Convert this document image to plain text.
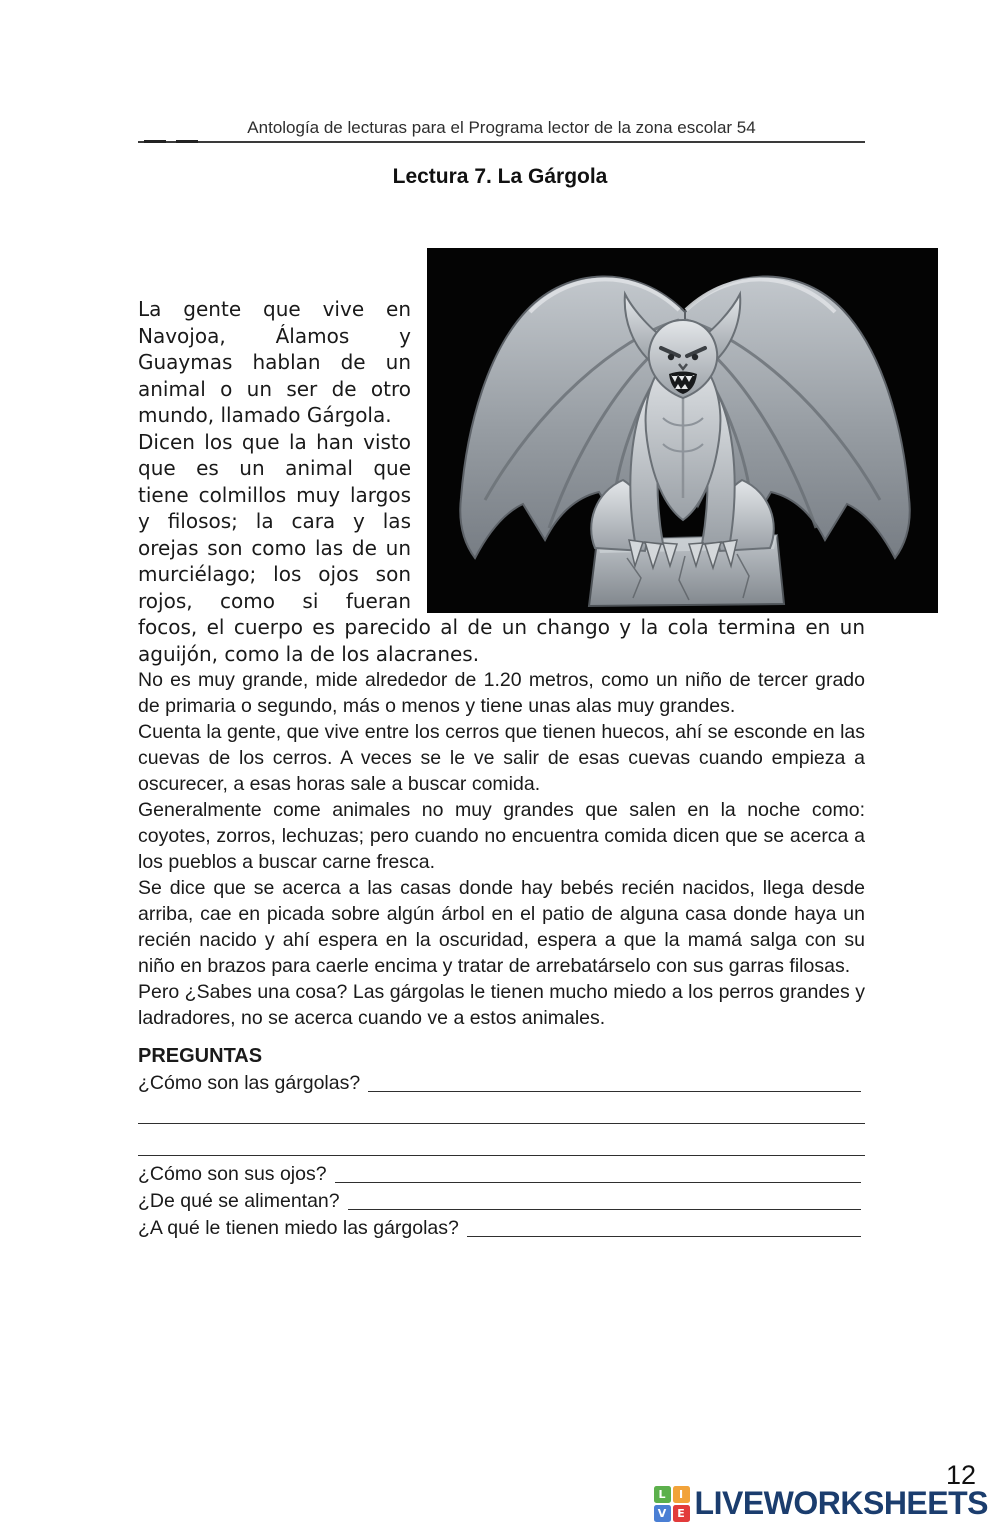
Antología de lecturas para el Programa lector de la zona escolar 54
Lectura 7. La Gárgola

La gente que vive en Navojoa, Álamos y Guaymas hablan de un animal o un ser de otro mundo, llamado Gárgola.

Dicen los que la han visto que es un animal que tiene colmillos muy largos y filosos; la cara y las orejas son como las de un murciélago; los ojos son rojos, como si fueran focos, el cuerpo es parecido al de un chango y la cola termina en un aguijón, como la de los alacranes.

No es muy grande, mide alrededor de 1.20 metros, como un niño de tercer grado de primaria o segundo, más o menos y tiene unas alas muy grandes.

Cuenta la gente, que vive entre los cerros que tienen huecos, ahí se esconde en las cuevas de los cerros. A veces se le ve salir de esas cuevas cuando empieza a oscurecer, a esas horas sale a buscar comida.

Generalmente come animales no muy grandes que salen en la noche como: coyotes, zorros, lechuzas; pero cuando no encuentra comida dicen que se acerca a los pueblos a buscar carne fresca.

Se dice que se acerca a las casas donde hay bebés recién nacidos, llega desde arriba, cae en picada sobre algún árbol en el patio de alguna casa donde haya un recién nacido y ahí espera en la oscuridad, espera a que la mamá salga con su niño en brazos para caerle encima y tratar de arrebatárselo con sus garras filosas.

Pero ¿Sabes una cosa? Las gárgolas le tienen mucho miedo a los perros grandes y ladradores, no se acerca cuando ve a estos animales.

PREGUNTAS
¿Cómo son las gárgolas?
¿Cómo son sus ojos?
¿De qué se alimentan?
¿A qué le tienen miedo las gárgolas?
12
L	I
V E LIVEWORKSHEETS
